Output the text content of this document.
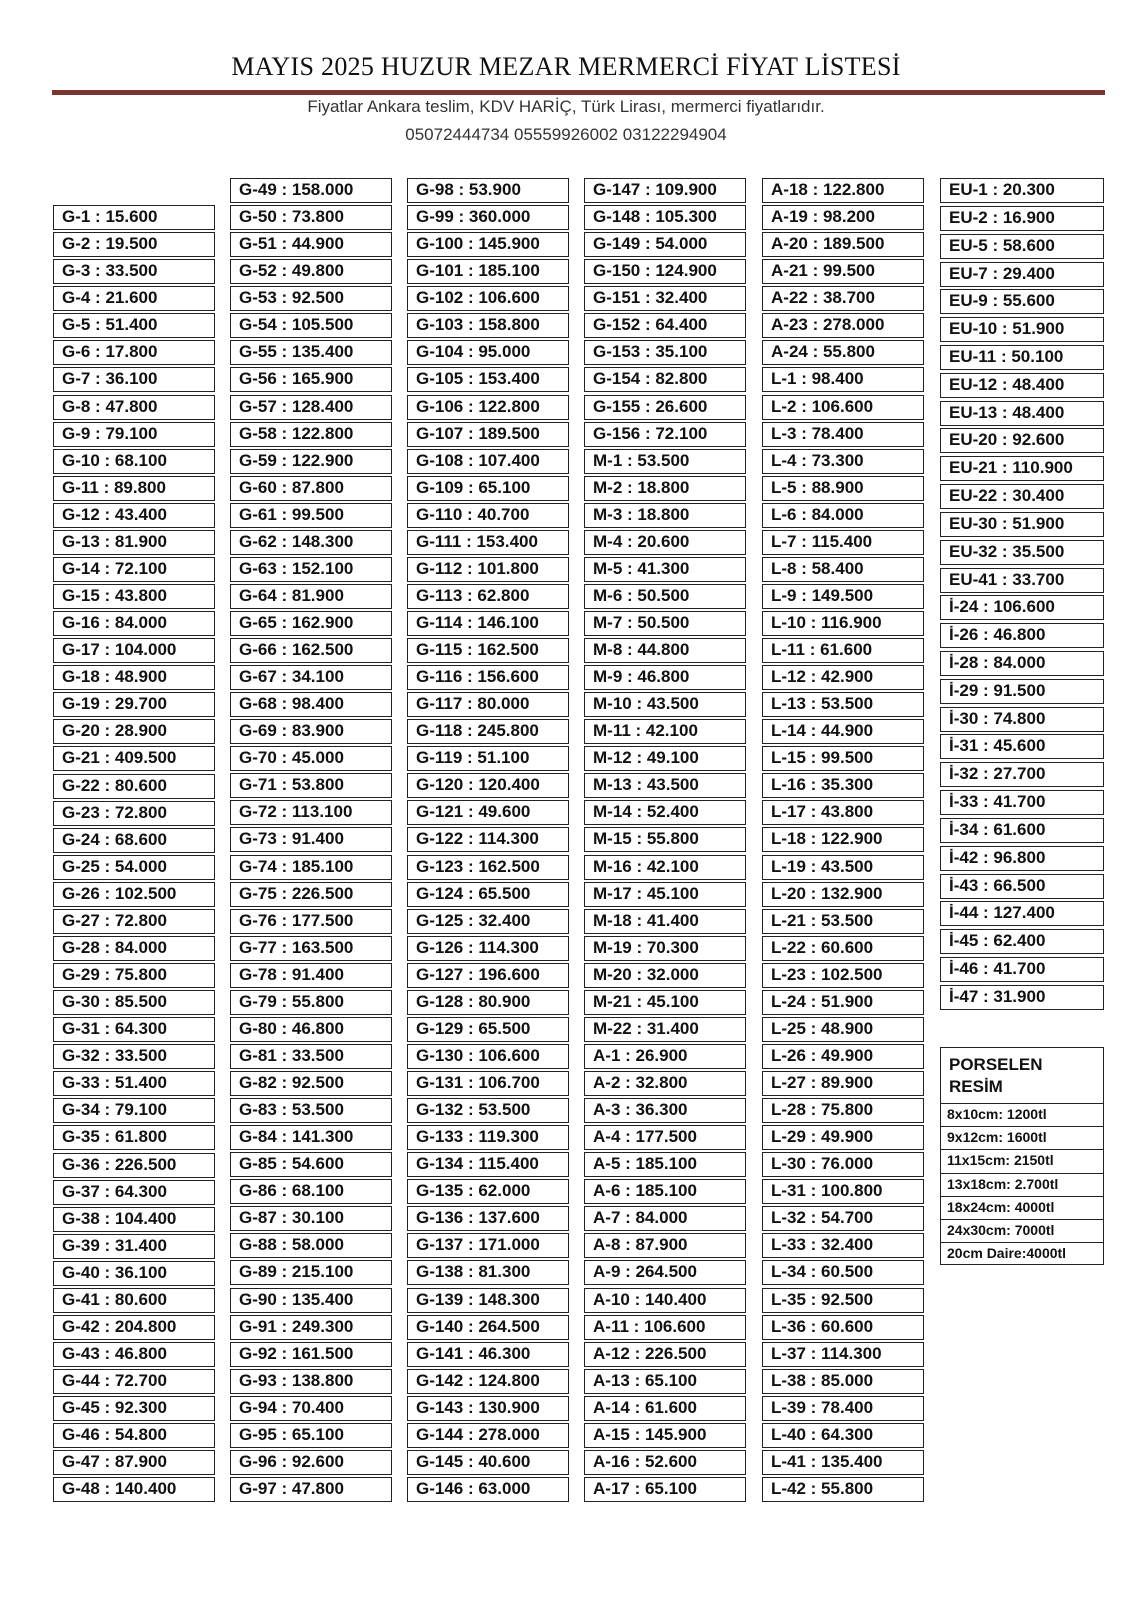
MAYIS 2025 HUZUR MEZAR MERMERCİ FİYAT LİSTESİ
Fiyatlar Ankara teslim, KDV HARİÇ, Türk Lirası, mermerci fiyatlarıdır.
05072444734 05559926002 03122294904
G-1 : 15.600
G-2 : 19.500
G-3 : 33.500
G-4 : 21.600
G-5 : 51.400
G-6 : 17.800
G-7 : 36.100
G-8 : 47.800
G-9 : 79.100
G-10 : 68.100
G-11 : 89.800
G-12 : 43.400
G-13 : 81.900
G-14 : 72.100
G-15 : 43.800
G-16 : 84.000
G-17 : 104.000
G-18 : 48.900
G-19 : 29.700
G-20 : 28.900
G-21 : 409.500
G-22 : 80.600
G-23 : 72.800
G-24 : 68.600
G-25 : 54.000
G-26 : 102.500
G-27 : 72.800
G-28 : 84.000
G-29 : 75.800
G-30 : 85.500
G-31 : 64.300
G-32 : 33.500
G-33 : 51.400
G-34 : 79.100
G-35 : 61.800
G-36 : 226.500
G-37 : 64.300
G-38 : 104.400
G-39 : 31.400
G-40 : 36.100
G-41 : 80.600
G-42 : 204.800
G-43 : 46.800
G-44 : 72.700
G-45 : 92.300
G-46 : 54.800
G-47 : 87.900
G-48 : 140.400
G-49 : 158.000
G-50 : 73.800
G-51 : 44.900
G-52 : 49.800
G-53 : 92.500
G-54 : 105.500
G-55 : 135.400
G-56 : 165.900
G-57 : 128.400
G-58 : 122.800
G-59 : 122.900
G-60 : 87.800
G-61 : 99.500
G-62 : 148.300
G-63 : 152.100
G-64 : 81.900
G-65 : 162.900
G-66 : 162.500
G-67 : 34.100
G-68 : 98.400
G-69 : 83.900
G-70 : 45.000
G-71 : 53.800
G-72 : 113.100
G-73 : 91.400
G-74 : 185.100
G-75 : 226.500
G-76 : 177.500
G-77 : 163.500
G-78 : 91.400
G-79 : 55.800
G-80 : 46.800
G-81 : 33.500
G-82 : 92.500
G-83 : 53.500
G-84 : 141.300
G-85 : 54.600
G-86 : 68.100
G-87 : 30.100
G-88 : 58.000
G-89 : 215.100
G-90 : 135.400
G-91 : 249.300
G-92 : 161.500
G-93 : 138.800
G-94 : 70.400
G-95 : 65.100
G-96 : 92.600
G-97 : 47.800
G-98 : 53.900
G-99 : 360.000
G-100 : 145.900
G-101 : 185.100
G-102 : 106.600
G-103 : 158.800
G-104 : 95.000
G-105 : 153.400
G-106 : 122.800
G-107 : 189.500
G-108 : 107.400
G-109 : 65.100
G-110 : 40.700
G-111 : 153.400
G-112 : 101.800
G-113 : 62.800
G-114 : 146.100
G-115 : 162.500
G-116 : 156.600
G-117 : 80.000
G-118 : 245.800
G-119 : 51.100
G-120 : 120.400
G-121 : 49.600
G-122 : 114.300
G-123 : 162.500
G-124 : 65.500
G-125 : 32.400
G-126 : 114.300
G-127 : 196.600
G-128 : 80.900
G-129 : 65.500
G-130 : 106.600
G-131 : 106.700
G-132 : 53.500
G-133 : 119.300
G-134 : 115.400
G-135 : 62.000
G-136 : 137.600
G-137 : 171.000
G-138 : 81.300
G-139 : 148.300
G-140 : 264.500
G-141 : 46.300
G-142 : 124.800
G-143 : 130.900
G-144 : 278.000
G-145 : 40.600
G-146 : 63.000
G-147 : 109.900
G-148 : 105.300
G-149 : 54.000
G-150 : 124.900
G-151 : 32.400
G-152 : 64.400
G-153 : 35.100
G-154 : 82.800
G-155 : 26.600
G-156 : 72.100
M-1 : 53.500
M-2 : 18.800
M-3 : 18.800
M-4 : 20.600
M-5 : 41.300
M-6 : 50.500
M-7 : 50.500
M-8 : 44.800
M-9 : 46.800
M-10 : 43.500
M-11 : 42.100
M-12 : 49.100
M-13 : 43.500
M-14 : 52.400
M-15 : 55.800
M-16 : 42.100
M-17 : 45.100
M-18 : 41.400
M-19 : 70.300
M-20 : 32.000
M-21 : 45.100
M-22 : 31.400
A-1 : 26.900
A-2 : 32.800
A-3 : 36.300
A-4 : 177.500
A-5 : 185.100
A-6 : 185.100
A-7 : 84.000
A-8 : 87.900
A-9 : 264.500
A-10 : 140.400
A-11 : 106.600
A-12 : 226.500
A-13 : 65.100
A-14 : 61.600
A-15 : 145.900
A-16 : 52.600
A-17 : 65.100
A-18 : 122.800
A-19 : 98.200
A-20 : 189.500
A-21 : 99.500
A-22 : 38.700
A-23 : 278.000
A-24 : 55.800
L-1 : 98.400
L-2 : 106.600
L-3 : 78.400
L-4 : 73.300
L-5 : 88.900
L-6 : 84.000
L-7 : 115.400
L-8 : 58.400
L-9 : 149.500
L-10 : 116.900
L-11 : 61.600
L-12 : 42.900
L-13 : 53.500
L-14 : 44.900
L-15 : 99.500
L-16 : 35.300
L-17 : 43.800
L-18 : 122.900
L-19 : 43.500
L-20 : 132.900
L-21 : 53.500
L-22 : 60.600
L-23 : 102.500
L-24 : 51.900
L-25 : 48.900
L-26 : 49.900
L-27 : 89.900
L-28 : 75.800
L-29 : 49.900
L-30 : 76.000
L-31 : 100.800
L-32 : 54.700
L-33 : 32.400
L-34 : 60.500
L-35 : 92.500
L-36 : 60.600
L-37 : 114.300
L-38 : 85.000
L-39 : 78.400
L-40 : 64.300
L-41 : 135.400
L-42 : 55.800
EU-1 : 20.300
EU-2 : 16.900
EU-5 : 58.600
EU-7 : 29.400
EU-9 : 55.600
EU-10 : 51.900
EU-11 : 50.100
EU-12 : 48.400
EU-13 : 48.400
EU-20 : 92.600
EU-21 : 110.900
EU-22 : 30.400
EU-30 : 51.900
EU-32 : 35.500
EU-41 : 33.700
İ-24 : 106.600
İ-26 : 46.800
İ-28 : 84.000
İ-29 : 91.500
İ-30 : 74.800
İ-31 : 45.600
İ-32 : 27.700
İ-33 : 41.700
İ-34 : 61.600
İ-42 : 96.800
İ-43 : 66.500
İ-44 : 127.400
İ-45 : 62.400
İ-46 : 41.700
İ-47 : 31.900
PORSELEN
RESİM
8x10cm: 1200tl
9x12cm: 1600tl
11x15cm: 2150tl
13x18cm: 2.700tl
18x24cm: 4000tl
24x30cm: 7000tl
20cm Daire:4000tl
